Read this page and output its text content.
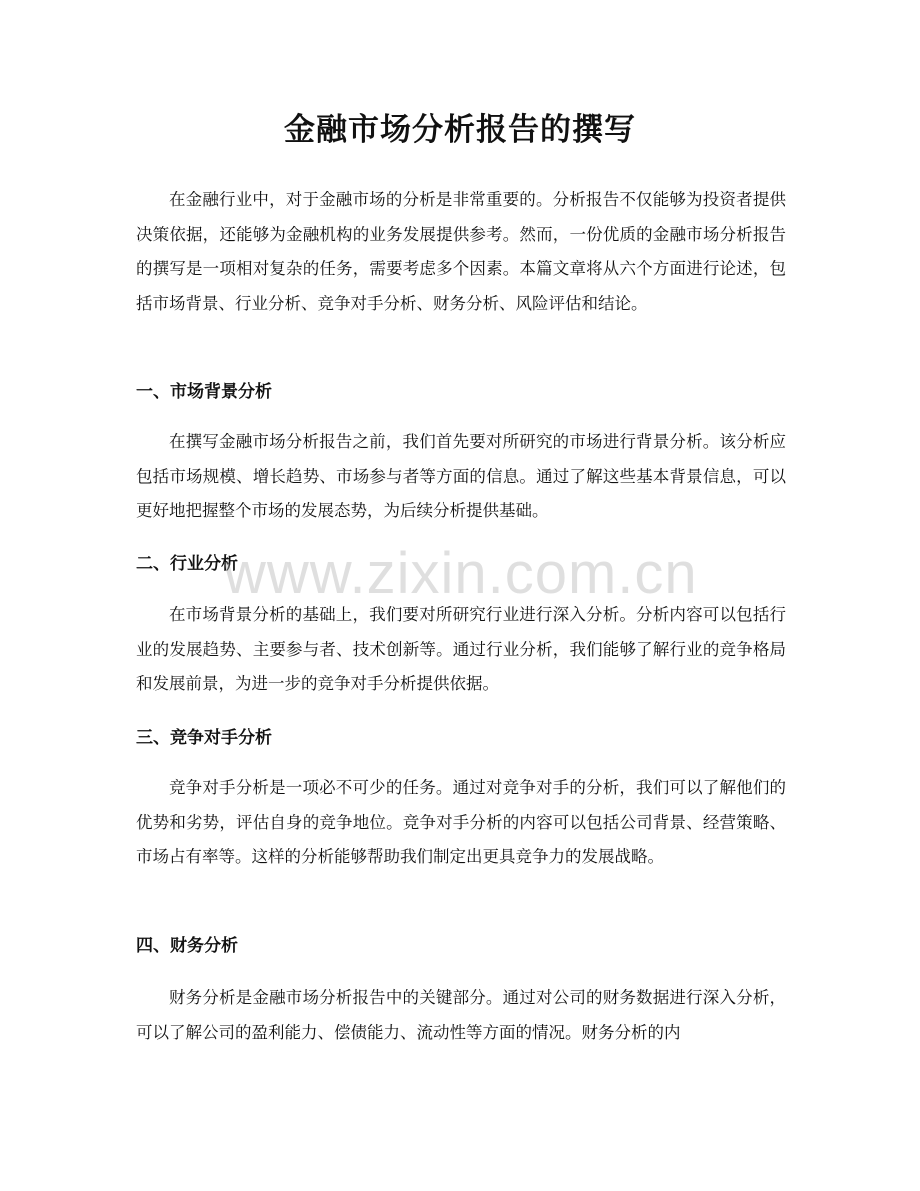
金融市场分析报告的撰写

在金融行业中，对于金融市场的分析是非常重要的。分析报告不仅能够为投资者提供决策依据，还能够为金融机构的业务发展提供参考。然而，一份优质的金融市场分析报告的撰写是一项相对复杂的任务，需要考虑多个因素。本篇文章将从六个方面进行论述，包括市场背景、行业分析、竞争对手分析、财务分析、风险评估和结论。

一、市场背景分析

在撰写金融市场分析报告之前，我们首先要对所研究的市场进行背景分析。该分析应包括市场规模、增长趋势、市场参与者等方面的信息。通过了解这些基本背景信息，可以更好地把握整个市场的发展态势，为后续分析提供基础。

二、行业分析

在市场背景分析的基础上，我们要对所研究行业进行深入分析。分析内容可以包括行业的发展趋势、主要参与者、技术创新等。通过行业分析，我们能够了解行业的竞争格局和发展前景，为进一步的竞争对手分析提供依据。

三、竞争对手分析

竞争对手分析是一项必不可少的任务。通过对竞争对手的分析，我们可以了解他们的优势和劣势，评估自身的竞争地位。竞争对手分析的内容可以包括公司背景、经营策略、市场占有率等。这样的分析能够帮助我们制定出更具竞争力的发展战略。

四、财务分析

财务分析是金融市场分析报告中的关键部分。通过对公司的财务数据进行深入分析，可以了解公司的盈利能力、偿债能力、流动性等方面的情况。财务分析的内

www.zixin.com.cn
